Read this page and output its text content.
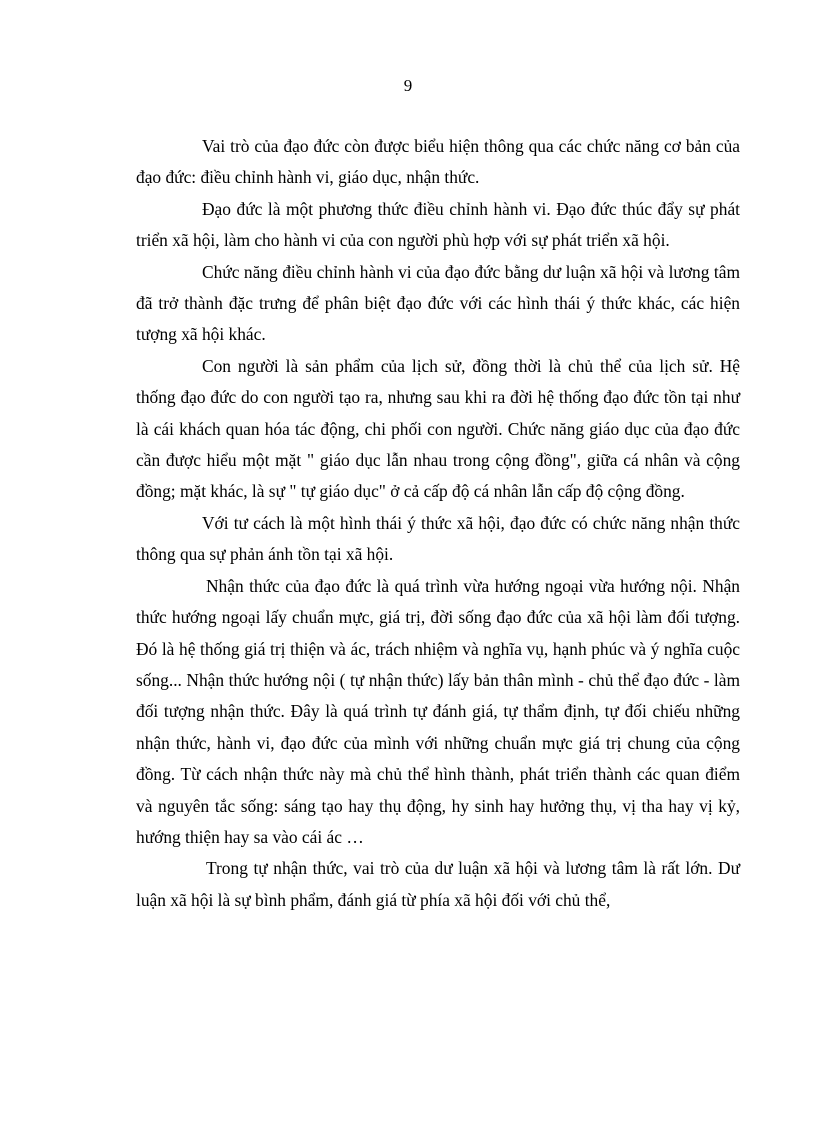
9

Vai trò của đạo đức còn được biểu hiện thông qua các chức năng cơ bản của đạo đức: điều chỉnh hành vi, giáo dục, nhận thức.

Đạo đức là một phương thức điều chỉnh hành vi. Đạo đức thúc đẩy sự phát triển xã hội, làm cho hành vi của con người phù hợp với sự phát triển xã hội.

Chức năng điều chỉnh hành vi của đạo đức bằng dư luận xã hội và lương tâm đã trở thành đặc trưng để phân biệt đạo đức với các hình thái ý thức khác, các hiện tượng xã hội khác.

Con người là sản phẩm của lịch sử, đồng thời là chủ thể của lịch sử. Hệ thống đạo đức do con người tạo ra, nhưng sau khi ra đời hệ thống đạo đức tồn tại như là cái khách quan hóa tác động, chi phối con người. Chức năng giáo dục của đạo đức cần được hiểu một mặt " giáo dục lẫn nhau trong cộng đồng", giữa cá nhân và cộng đồng; mặt khác, là sự " tự giáo dục" ở cả cấp độ cá nhân lẫn cấp độ cộng đồng.

Với tư cách là một hình thái ý thức xã hội, đạo đức có chức năng nhận thức thông qua sự phản ánh tồn tại xã hội.

Nhận thức của đạo đức là quá trình vừa hướng ngoại vừa hướng nội. Nhận thức hướng ngoại lấy chuẩn mực, giá trị, đời sống đạo đức của xã hội làm đối tượng. Đó là hệ thống giá trị thiện và ác, trách nhiệm và nghĩa vụ, hạnh phúc và ý nghĩa cuộc sống... Nhận thức hướng nội ( tự nhận thức) lấy bản thân mình - chủ thể đạo đức - làm đối tượng nhận thức. Đây là quá trình tự đánh giá, tự thẩm định, tự đối chiếu những nhận thức, hành vi, đạo đức của mình với những chuẩn mực giá trị chung của cộng đồng. Từ cách nhận thức này mà chủ thể hình thành, phát triển thành các quan điểm và nguyên tắc sống: sáng tạo hay thụ động, hy sinh hay hưởng thụ, vị tha hay vị kỷ, hướng thiện hay sa vào cái ác …

Trong tự nhận thức, vai trò của dư luận xã hội và lương tâm là rất lớn. Dư luận xã hội là sự bình phẩm, đánh giá từ phía xã hội đối với chủ thể,
